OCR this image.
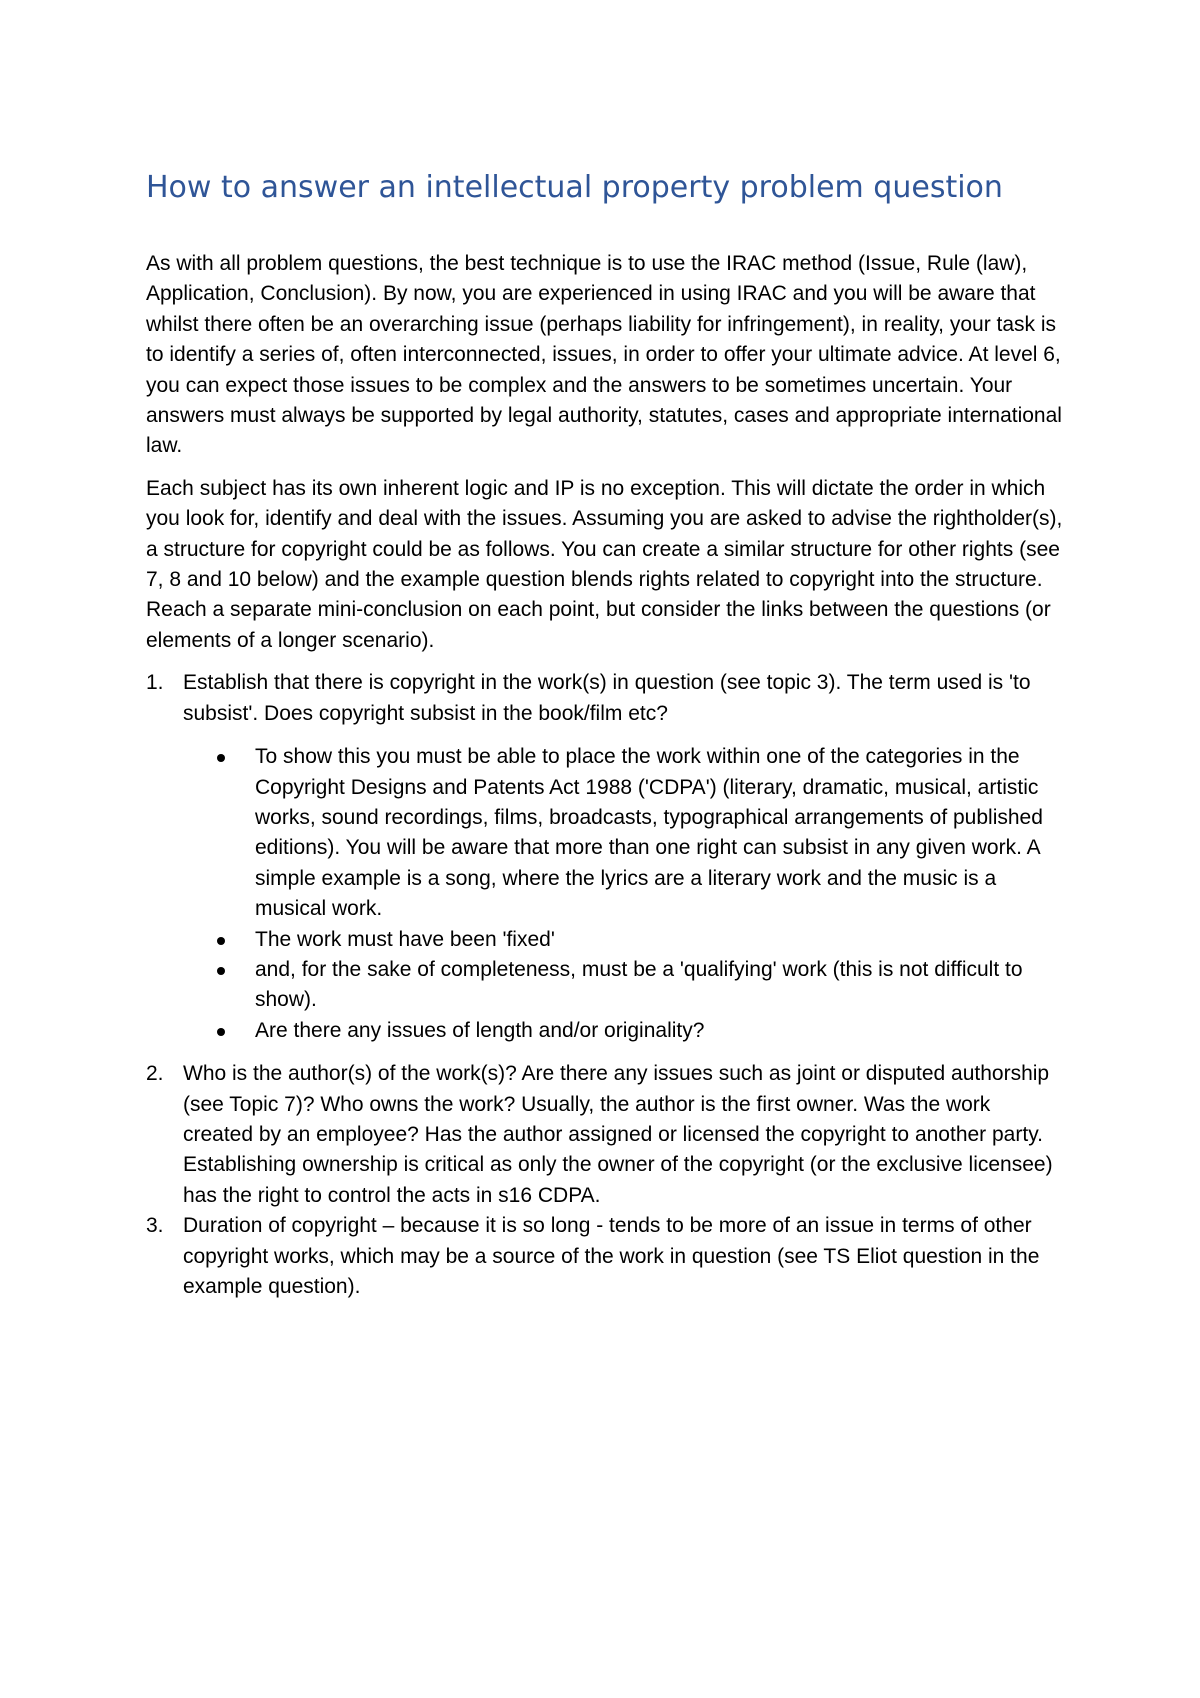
How to answer an intellectual property problem question

As with all problem questions, the best technique is to use the IRAC method (Issue, Rule (law), Application, Conclusion). By now, you are experienced in using IRAC and you will be aware that whilst there often be an overarching issue (perhaps liability for infringement), in reality, your task is to identify a series of, often interconnected, issues, in order to offer your ultimate advice. At level 6, you can expect those issues to be complex and the answers to be sometimes uncertain. Your answers must always be supported by legal authority, statutes, cases and appropriate international law.

Each subject has its own inherent logic and IP is no exception. This will dictate the order in which you look for, identify and deal with the issues. Assuming you are asked to advise the rightholder(s), a structure for copyright could be as follows. You can create a similar structure for other rights (see 7, 8 and 10 below) and the example question blends rights related to copyright into the structure. Reach a separate mini-conclusion on each point, but consider the links between the questions (or elements of a longer scenario).

1. Establish that there is copyright in the work(s) in question (see topic 3). The term used is 'to subsist'. Does copyright subsist in the book/film etc?
To show this you must be able to place the work within one of the categories in the Copyright Designs and Patents Act 1988 ('CDPA') (literary, dramatic, musical, artistic works, sound recordings, films, broadcasts, typographical arrangements of published editions). You will be aware that more than one right can subsist in any given work. A simple example is a song, where the lyrics are a literary work and the music is a musical work.
The work must have been 'fixed'
and, for the sake of completeness, must be a 'qualifying' work (this is not difficult to show).
Are there any issues of length and/or originality?
2. Who is the author(s) of the work(s)? Are there any issues such as joint or disputed authorship (see Topic 7)? Who owns the work? Usually, the author is the first owner. Was the work created by an employee? Has the author assigned or licensed the copyright to another party. Establishing ownership is critical as only the owner of the copyright (or the exclusive licensee) has the right to control the acts in s16 CDPA.
3. Duration of copyright – because it is so long - tends to be more of an issue in terms of other copyright works, which may be a source of the work in question (see TS Eliot question in the example question).
